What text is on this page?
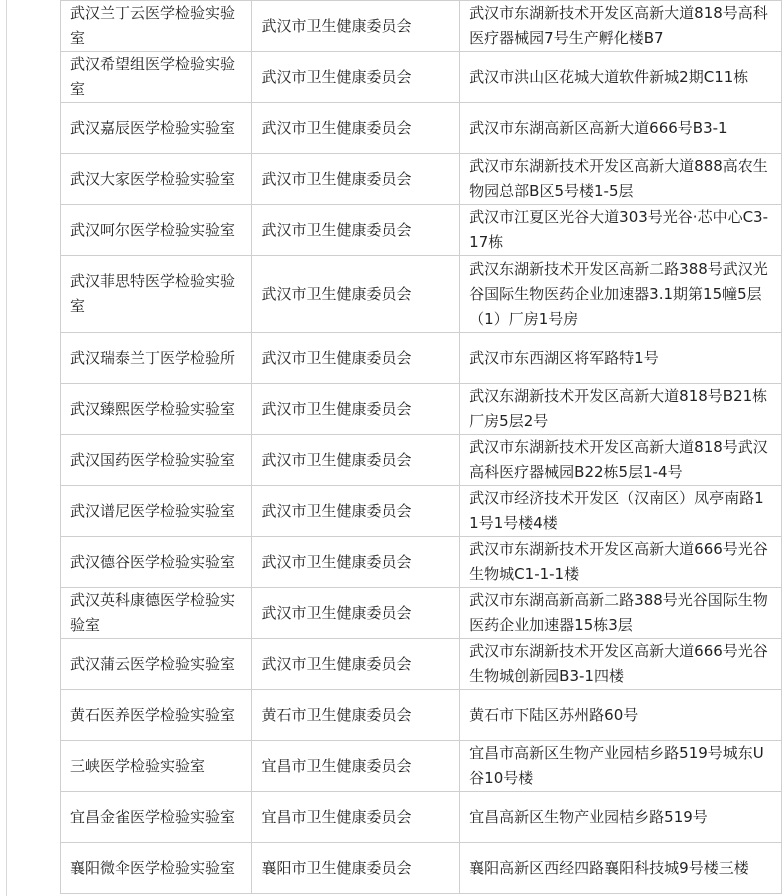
武汉兰丁云医学检验实验室	武汉市卫生健康委员会	武汉市东湖新技术开发区高新大道818号高科医疗器械园7号生产孵化楼B7
武汉希望组医学检验实验室	武汉市卫生健康委员会	武汉市洪山区花城大道软件新城2期C11栋
武汉嘉辰医学检验实验室	武汉市卫生健康委员会	武汉市东湖高新区高新大道666号B3-1
武汉大家医学检验实验室	武汉市卫生健康委员会	武汉市东湖新技术开发区高新大道888高农生物园总部B区5号楼1-5层
武汉呵尔医学检验实验室	武汉市卫生健康委员会	武汉市江夏区光谷大道303号光谷·芯中心C3-17栋
武汉菲思特医学检验实验室	武汉市卫生健康委员会	武汉东湖新技术开发区高新二路388号武汉光谷国际生物医药企业加速器3.1期第15幢5层（1）厂房1号房
武汉瑞泰兰丁医学检验所	武汉市卫生健康委员会	武汉市东西湖区将军路特1号
武汉臻熙医学检验实验室	武汉市卫生健康委员会	武汉东湖新技术开发区高新大道818号B21栋厂房5层2号
武汉国药医学检验实验室	武汉市卫生健康委员会	武汉市东湖新技术开发区高新大道818号武汉高科医疗器械园B22栋5层1-4号
武汉谱尼医学检验实验室	武汉市卫生健康委员会	武汉市经济技术开发区（汉南区）凤亭南路11号1号楼4楼
武汉德谷医学检验实验室	武汉市卫生健康委员会	武汉市东湖新技术开发区高新大道666号光谷生物城C1-1-1楼
武汉英科康德医学检验实验室	武汉市卫生健康委员会	武汉市东湖高新高新二路388号光谷国际生物医药企业加速器15栋3层
武汉蒲云医学检验实验室	武汉市卫生健康委员会	武汉市东湖新技术开发区高新大道666号光谷生物城创新园B3-1四楼
黄石医养医学检验实验室	黄石市卫生健康委员会	黄石市下陆区苏州路60号
三峡医学检验实验室	宜昌市卫生健康委员会	宜昌市高新区生物产业园桔乡路519号城东U谷10号楼
宜昌金雀医学检验实验室	宜昌市卫生健康委员会	宜昌高新区生物产业园桔乡路519号
襄阳微伞医学检验实验室	襄阳市卫生健康委员会	襄阳高新区西经四路襄阳科技城9号楼三楼
